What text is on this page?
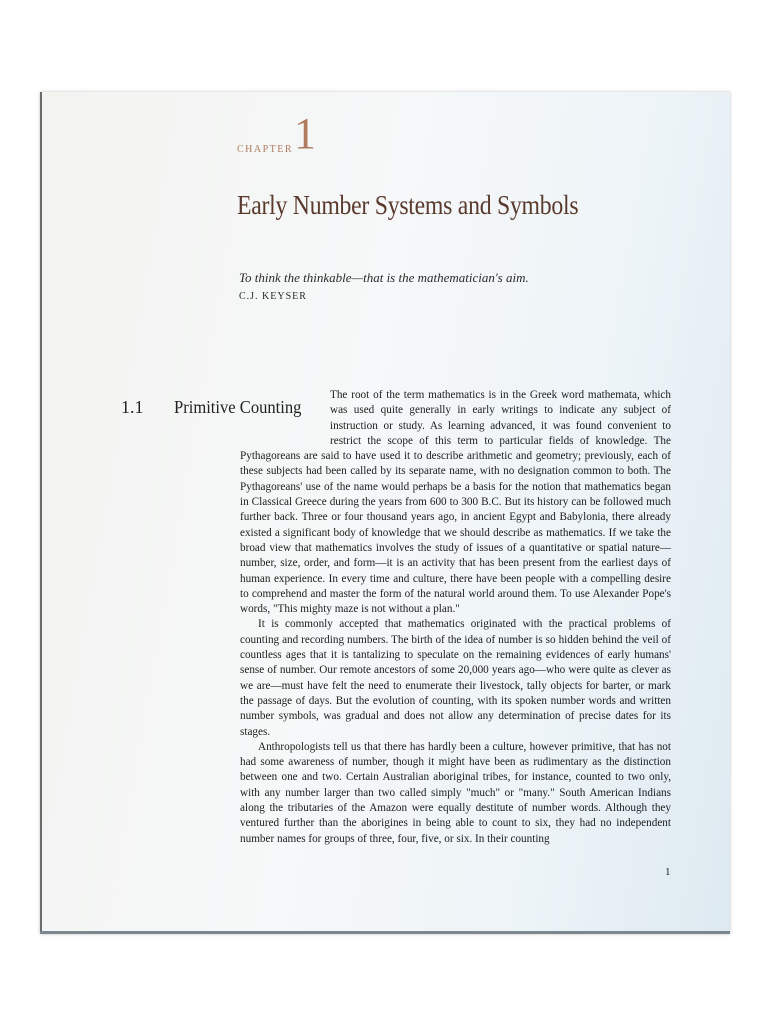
CHAPTER 1
Early Number Systems and Symbols
To think the thinkable—that is the mathematician's aim.
C.J. KEYSER
1.1 Primitive Counting

The root of the term mathematics is in the Greek word mathemata, which was used quite generally in early writings to indicate any subject of instruction or study. As learning advanced, it was found convenient to restrict the scope of this term to particular fields of knowledge. The Pythagoreans are said to have used it to describe arithmetic and geometry; previously, each of these subjects had been called by its separate name, with no designation common to both. The Pythagoreans' use of the name would perhaps be a basis for the notion that mathematics began in Classical Greece during the years from 600 to 300 B.C. But its history can be followed much further back. Three or four thousand years ago, in ancient Egypt and Babylonia, there already existed a significant body of knowledge that we should describe as mathematics. If we take the broad view that mathematics involves the study of issues of a quantitative or spatial nature—number, size, order, and form—it is an activity that has been present from the earliest days of human experience. In every time and culture, there have been people with a compelling desire to comprehend and master the form of the natural world around them. To use Alexander Pope's words, "This mighty maze is not without a plan."

It is commonly accepted that mathematics originated with the practical problems of counting and recording numbers. The birth of the idea of number is so hidden behind the veil of countless ages that it is tantalizing to speculate on the remaining evidences of early humans' sense of number. Our remote ancestors of some 20,000 years ago—who were quite as clever as we are—must have felt the need to enumerate their livestock, tally objects for barter, or mark the passage of days. But the evolution of counting, with its spoken number words and written number symbols, was gradual and does not allow any determination of precise dates for its stages.

Anthropologists tell us that there has hardly been a culture, however primitive, that has not had some awareness of number, though it might have been as rudimentary as the distinction between one and two. Certain Australian aboriginal tribes, for instance, counted to two only, with any number larger than two called simply "much" or "many." South American Indians along the tributaries of the Amazon were equally destitute of number words. Although they ventured further than the aborigines in being able to count to six, they had no independent number names for groups of three, four, five, or six. In their counting

1
